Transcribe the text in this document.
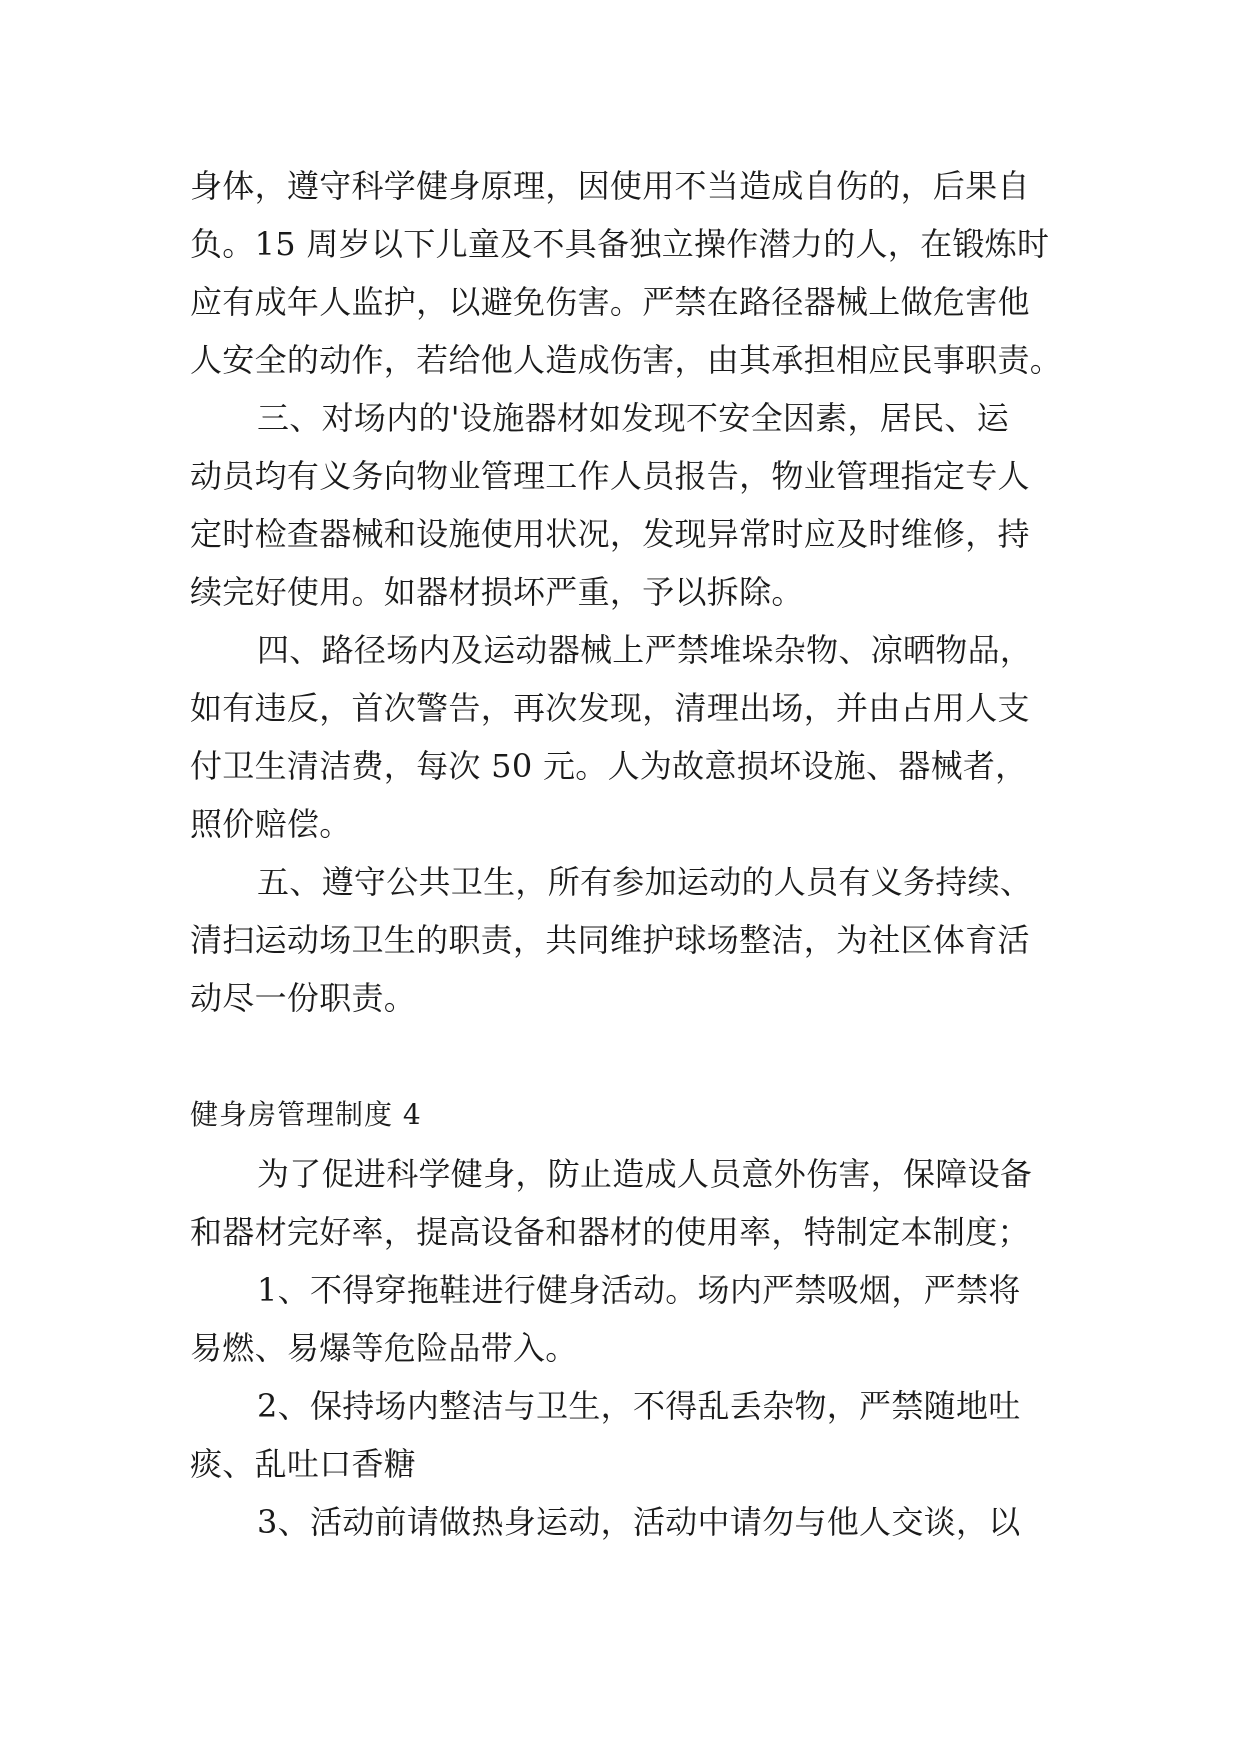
身体，遵守科学健身原理，因使用不当造成自伤的，后果自
负。15 周岁以下儿童及不具备独立操作潜力的人，在锻炼时
应有成年人监护，以避免伤害。严禁在路径器械上做危害他
人安全的动作，若给他人造成伤害，由其承担相应民事职责。
三、对场内的'设施器材如发现不安全因素，居民、运
动员均有义务向物业管理工作人员报告，物业管理指定专人
定时检查器械和设施使用状况，发现异常时应及时维修，持
续完好使用。如器材损坏严重，予以拆除。
四、路径场内及运动器械上严禁堆垛杂物、凉晒物品，
如有违反，首次警告，再次发现，清理出场，并由占用人支
付卫生清洁费，每次 50 元。人为故意损坏设施、器械者，
照价赔偿。
五、遵守公共卫生，所有参加运动的人员有义务持续、
清扫运动场卫生的职责，共同维护球场整洁，为社区体育活
动尽一份职责。
健身房管理制度 4
为了促进科学健身，防止造成人员意外伤害，保障设备
和器材完好率，提高设备和器材的使用率，特制定本制度；
1、不得穿拖鞋进行健身活动。场内严禁吸烟，严禁将
易燃、易爆等危险品带入。
2、保持场内整洁与卫生，不得乱丢杂物，严禁随地吐
痰、乱吐口香糖
3、活动前请做热身运动，活动中请勿与他人交谈，以
